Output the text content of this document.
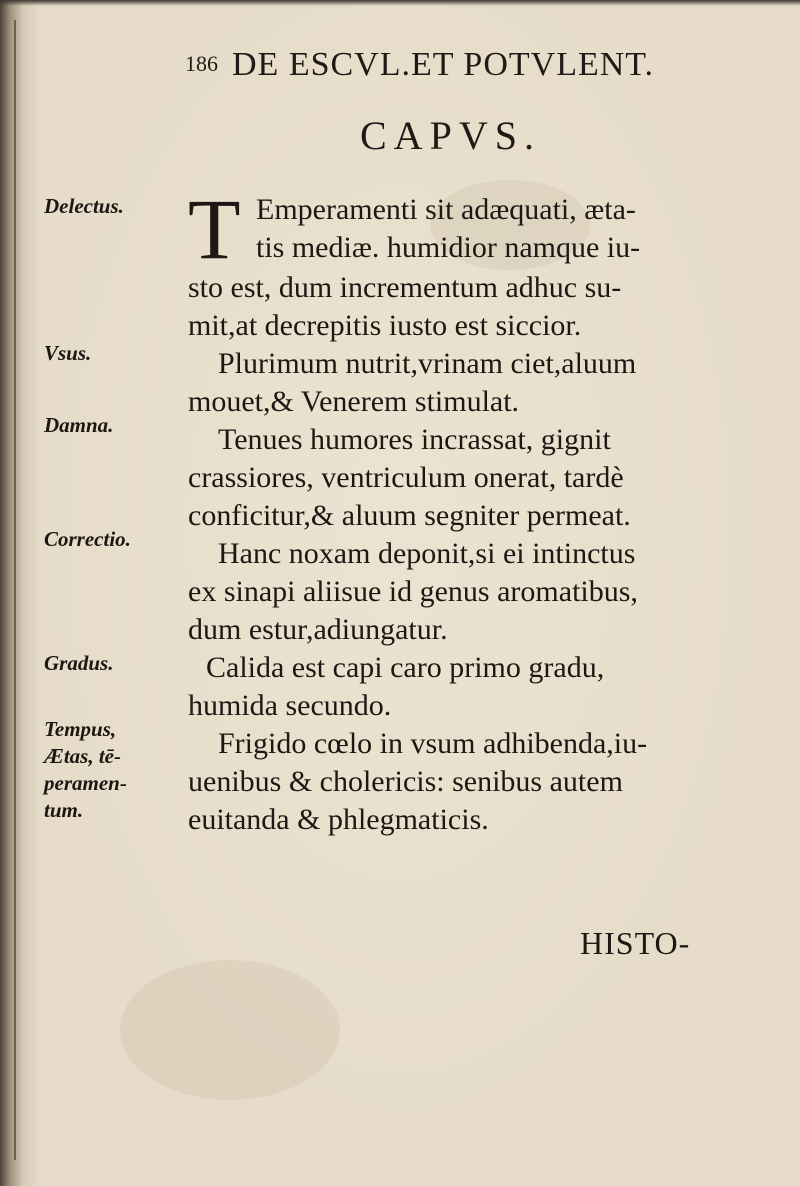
186 DE ESCVL.ET POTVLENT.
CAPVS.
Delectus.
Vsus.
Damna.
Correctio.
Gradus.
Tempus,
Ætas, tē-
peramen-
tum.
T Emperamenti sit adæquati, æta-
tis mediæ. humidior namque iu-
sto est, dum incrementum adhuc su-
mit,at decrepitis iusto est siccior.
Plurimum nutrit,vrinam ciet,aluum
mouet,& Venerem stimulat.
Tenues humores incrassat, gignit
crassiores, ventriculum onerat, tardè
conficitur,& aluum segniter permeat.
Hanc noxam deponit,si ei intinctus
ex sinapi aliisue id genus aromatibus,
dum estur,adiungatur.
Calida est capi caro primo gradu,
humida secundo.
Frigido cœlo in vsum adhibenda,iu-
uenibus & cholericis: senibus autem
euitanda & phlegmaticis.
HISTO-
